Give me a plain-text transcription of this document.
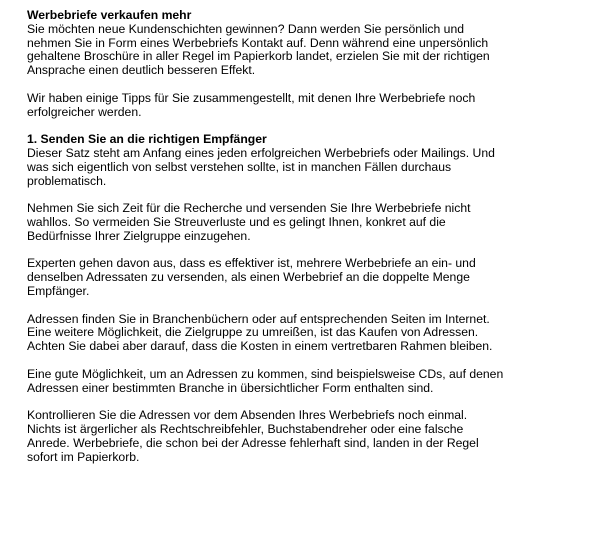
Werbebriefe verkaufen mehr
Sie möchten neue Kundenschichten gewinnen? Dann werden Sie persönlich und
nehmen Sie in Form eines Werbebriefs Kontakt auf. Denn während eine unpersönlich
gehaltene Broschüre in aller Regel im Papierkorb landet, erzielen Sie mit der richtigen
Ansprache einen deutlich besseren Effekt.
Wir haben einige Tipps für Sie zusammengestellt, mit denen Ihre Werbebriefe noch
erfolgreicher werden.
1. Senden Sie an die richtigen Empfänger
Dieser Satz steht am Anfang eines jeden erfolgreichen Werbebriefs oder Mailings. Und
was sich eigentlich von selbst verstehen sollte, ist in manchen Fällen durchaus
problematisch.
Nehmen Sie sich Zeit für die Recherche und versenden Sie Ihre Werbebriefe nicht
wahllos. So vermeiden Sie Streuverluste und es gelingt Ihnen, konkret auf die
Bedürfnisse Ihrer Zielgruppe einzugehen.
Experten gehen davon aus, dass es effektiver ist, mehrere Werbebriefe an ein- und
denselben Adressaten zu versenden, als einen Werbebrief an die doppelte Menge
Empfänger.
Adressen finden Sie in Branchenbüchern oder auf entsprechenden Seiten im Internet.
Eine weitere Möglichkeit, die Zielgruppe zu umreißen, ist das Kaufen von Adressen.
Achten Sie dabei aber darauf, dass die Kosten in einem vertretbaren Rahmen bleiben.
Eine gute Möglichkeit, um an Adressen zu kommen, sind beispielsweise CDs, auf denen
Adressen einer bestimmten Branche in übersichtlicher Form enthalten sind.
Kontrollieren Sie die Adressen vor dem Absenden Ihres Werbebriefs noch einmal.
Nichts ist ärgerlicher als Rechtschreibfehler, Buchstabendreher oder eine falsche
Anrede. Werbebriefe, die schon bei der Adresse fehlerhaft sind, landen in der Regel
sofort im Papierkorb.
